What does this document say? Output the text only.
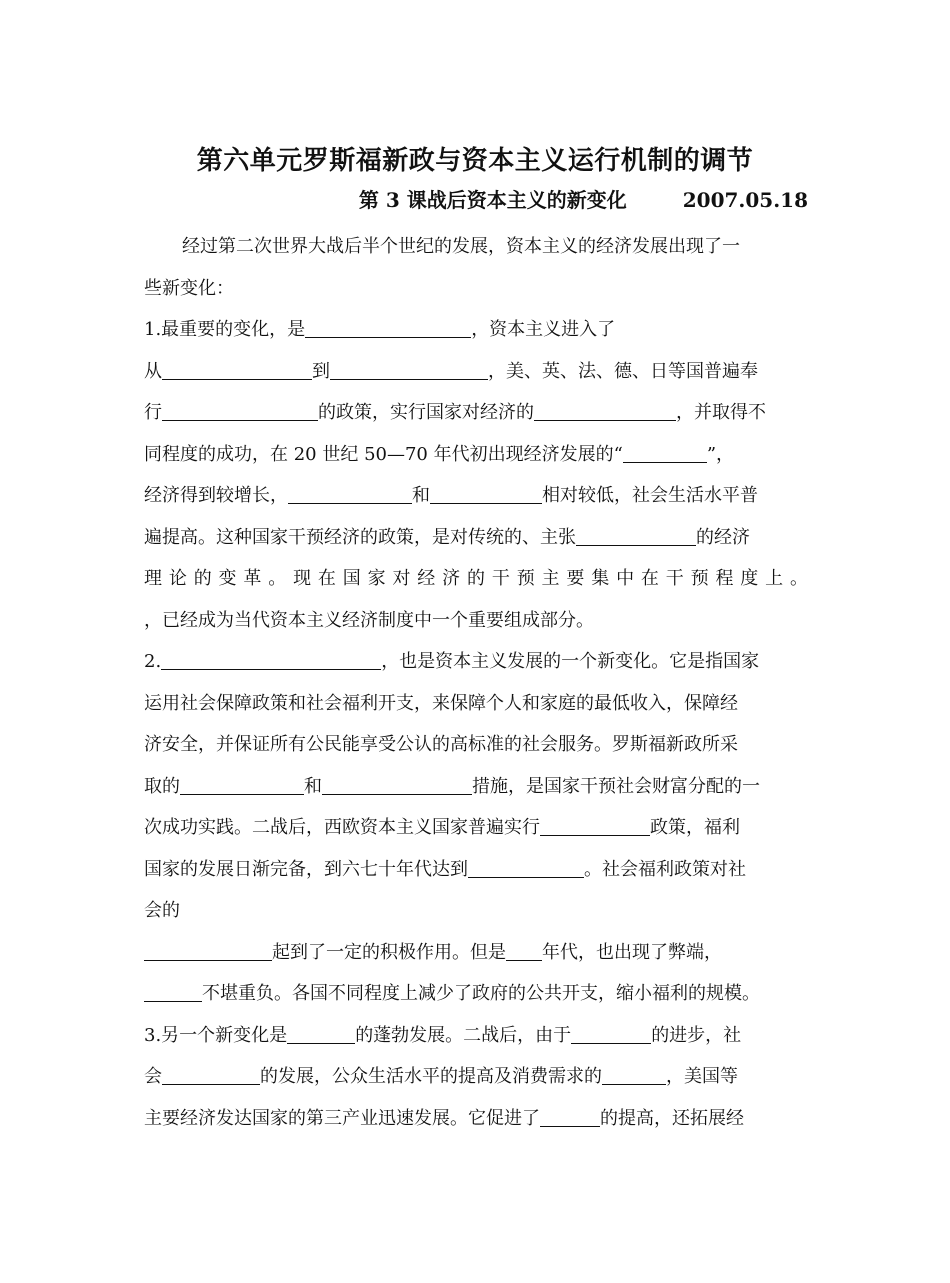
第六单元罗斯福新政与资本主义运行机制的调节
第 3 课战后资本主义的新变化	2007.05.18
经过第二次世界大战后半个世纪的发展，资本主义的经济发展出现了一
些新变化：
1.最重要的变化，是	，资本主义进入了
从	到	，美、英、法、德、日等国普遍奉
行	的政策，实行国家对经济的	，并取得不
同程度的成功，在 20 世纪 50—70 年代初出现经济发展的“	”，
经济得到较增长，	和	相对较低，社会生活水平普
遍提高。这种国家干预经济的政策，是对传统的、主张	的经济
理论的变革。现在国家对经济的干预主要集中在干预程度上。
，已经成为当代资本主义经济制度中一个重要组成部分。
2.	，也是资本主义发展的一个新变化。它是指国家
运用社会保障政策和社会福利开支，来保障个人和家庭的最低收入，保障经
济安全，并保证所有公民能享受公认的高标准的社会服务。罗斯福新政所采
取的	和	措施，是国家干预社会财富分配的一
次成功实践。二战后，西欧资本主义国家普遍实行	政策，福利
国家的发展日渐完备，到六七十年代达到	。社会福利政策对社
会的
起到了一定的积极作用。但是 年代，也出现了弊端，
不堪重负。各国不同程度上减少了政府的公共开支，缩小福利的规模。
3.另一个新变化是	的蓬勃发展。二战后，由于	的进步，社
会	的发展，公众生活水平的提高及消费需求的	，美国等
主要经济发达国家的第三产业迅速发展。它促进了	的提高，还拓展经
